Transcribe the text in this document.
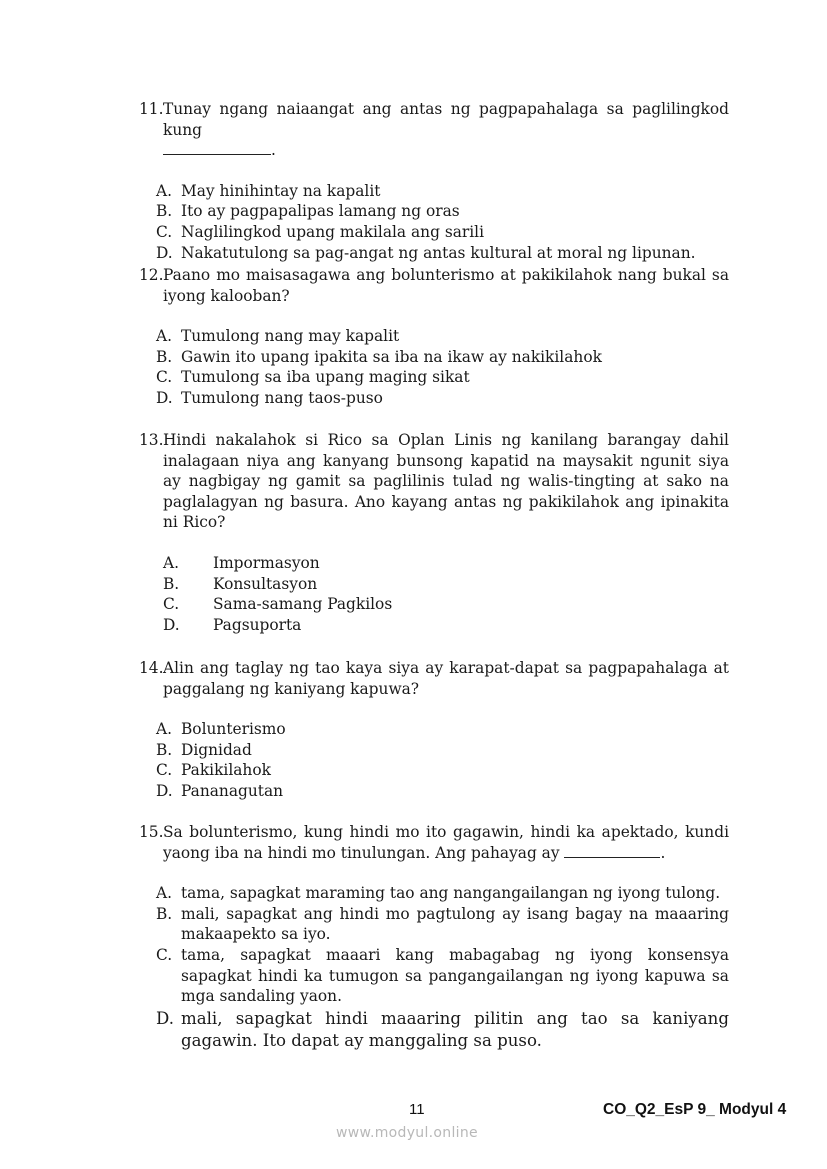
11. Tunay ngang naiaangat ang antas ng pagpapahalaga sa paglilingkod kung
.
A. May hinihintay na kapalit
B. Ito ay pagpapalipas lamang ng oras
C. Naglilingkod upang makilala ang sarili
D. Nakatutulong sa pag-angat ng antas kultural at moral ng lipunan.
12. Paano mo maisasagawa ang bolunterismo at pakikilahok nang bukal sa iyong kalooban?
A. Tumulong nang may kapalit
B. Gawin ito upang ipakita sa iba na ikaw ay nakikilahok
C. Tumulong sa iba upang maging sikat
D. Tumulong nang taos-puso
13. Hindi nakalahok si Rico sa Oplan Linis ng kanilang barangay dahil inalagaan niya ang kanyang bunsong kapatid na maysakit ngunit siya ay nagbigay ng gamit sa paglilinis tulad ng walis-tingting at sako na paglalagyan ng basura. Ano kayang antas ng pakikilahok ang ipinakita ni Rico?
A.	Impormasyon
B.	Konsultasyon
C.	Sama-samang Pagkilos
D.	Pagsuporta
14. Alin ang taglay ng tao kaya siya ay karapat-dapat sa pagpapahalaga at paggalang ng kaniyang kapuwa?
A. Bolunterismo
B. Dignidad
C. Pakikilahok
D. Pananagutan
15. Sa bolunterismo, kung hindi mo ito gagawin, hindi ka apektado, kundi yaong iba na hindi mo tinulungan. Ang pahayag ay	.
A. tama, sapagkat maraming tao ang nangangailangan ng iyong tulong.
B. mali, sapagkat ang hindi mo pagtulong ay isang bagay na maaaring makaapekto sa iyo.
C. tama, sapagkat maaari kang mabagabag ng iyong konsensya sapagkat hindi ka tumugon sa pangangailangan ng iyong kapuwa sa mga sandaling yaon.
D. mali, sapagkat hindi maaaring pilitin ang tao sa kaniyang gagawin. Ito dapat ay manggaling sa puso.
11	CO_Q2_EsP 9_ Modyul 4
www.modyul.online
